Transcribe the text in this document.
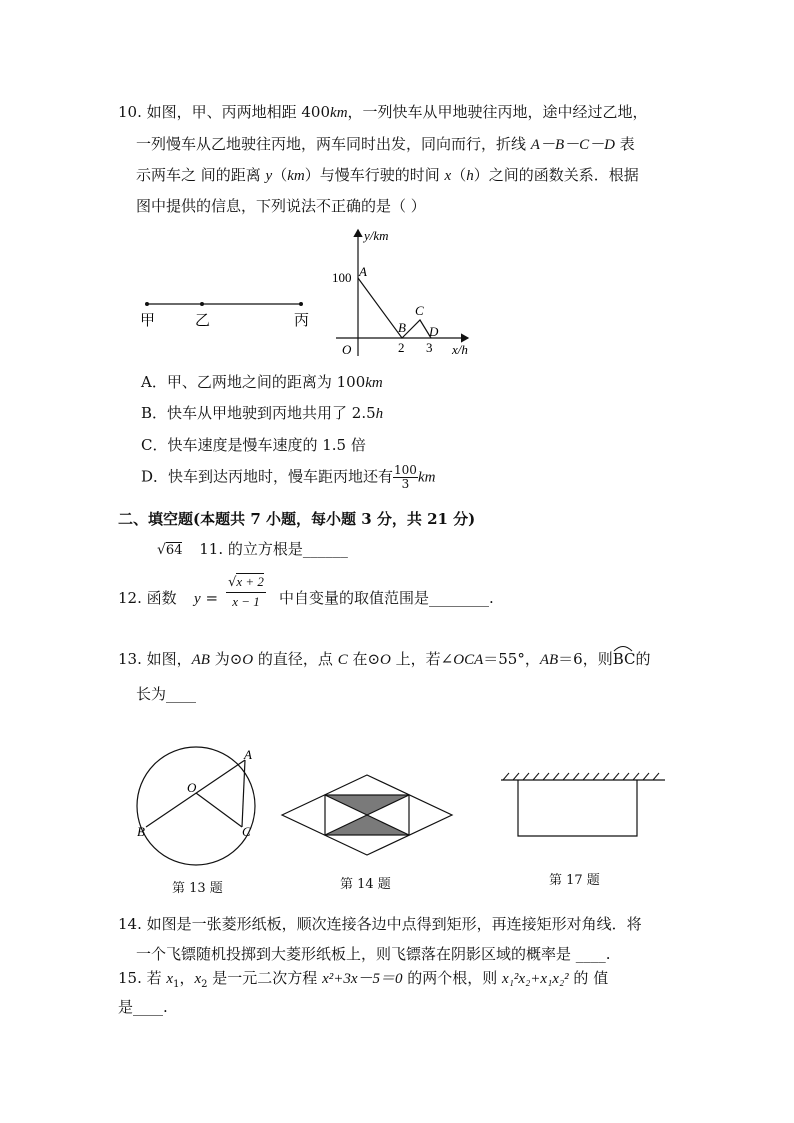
10. 如图，甲、丙两地相距 400km，一列快车从甲地驶往丙地，途中经过乙地，
一列慢车从乙地驶往丙地，两车同时出发，同向而行，折线 A－B－C－D 表
示两车之 间的距离 y（km）与慢车行驶的时间 x（h）之间的函数关系．根据
图中提供的信息，下列说法不正确的是（ ）
甲	乙	丙
y/km
x/h
100 A
B
C
D
O	2 3
A．甲、乙两地之间的距离为 100km
B．快车从甲地驶到丙地共用了 2.5h
C．快车速度是慢车速度的 1.5 倍
D．快车到达丙地时，慢车距丙地还有 $\frac{100}{3}$ km
二、填空题(本题共 7 小题，每小题 3 分，共 21 分)
√64 11. 的立方根是______
12. 函数 $y = \frac{√x + 2}{x - 1}$ 中自变量的取值范围是________.
13. 如图，AB 为⊙O 的直径，点 C 在⊙O 上，若∠OCA＝55°，AB＝6，则BC
的
长为____
A
O
B	C
第 13 题	第 14 题	第 17 题
14. 如图是一张菱形纸板，顺次连接各边中点得到矩形，再连接矩形对角线．将
一个飞镖随机投掷到大菱形纸板上，则飞镖落在阴影区域的概率是 ____.
15. 若 $x_1$，$x_2$ 是一元二次方程 x²+3x－5＝0 的两个根，则 x₁²x₂+x₁x₂² 的 值
是____.
